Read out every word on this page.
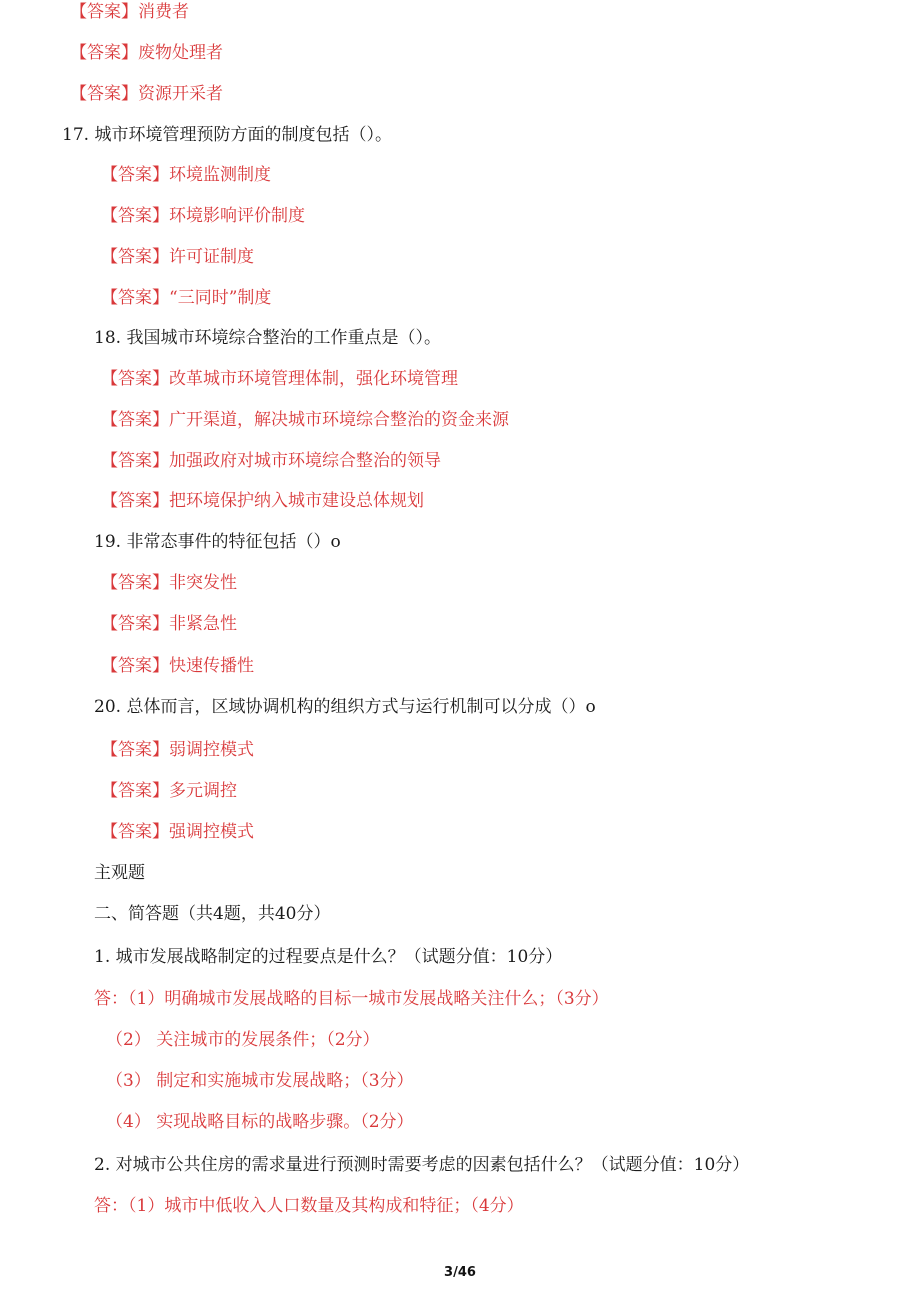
【答案】消费者
【答案】废物处理者
【答案】资源开采者
17. 城市环境管理预防方面的制度包括（）。
【答案】环境监测制度
【答案】环境影响评价制度
【答案】许可证制度
【答案】“三同时”制度
18. 我国城市环境综合整治的工作重点是（）。
【答案】改革城市环境管理体制，强化环境管理
【答案】广开渠道，解决城市环境综合整治的资金来源
【答案】加强政府对城市环境综合整治的领导
【答案】把环境保护纳入城市建设总体规划
19. 非常态事件的特征包括（）o
【答案】非突发性
【答案】非紧急性
【答案】快速传播性
20. 总体而言，区域协调机构的组织方式与运行机制可以分成（）o
【答案】弱调控模式
【答案】多元调控
【答案】强调控模式
主观题
二、简答题（共4题，共40分）
1. 城市发展战略制定的过程要点是什么？（试题分值：10分）
答：（1）明确城市发展战略的目标一城市发展战略关注什么；（3分）
（2） 关注城市的发展条件；（2分）
（3） 制定和实施城市发展战略；（3分）
（4） 实现战略目标的战略步骤。（2分）
2. 对城市公共住房的需求量进行预测时需要考虑的因素包括什么？（试题分值：10分）
答：（1）城市中低收入人口数量及其构成和特征；（4分）
3/46
